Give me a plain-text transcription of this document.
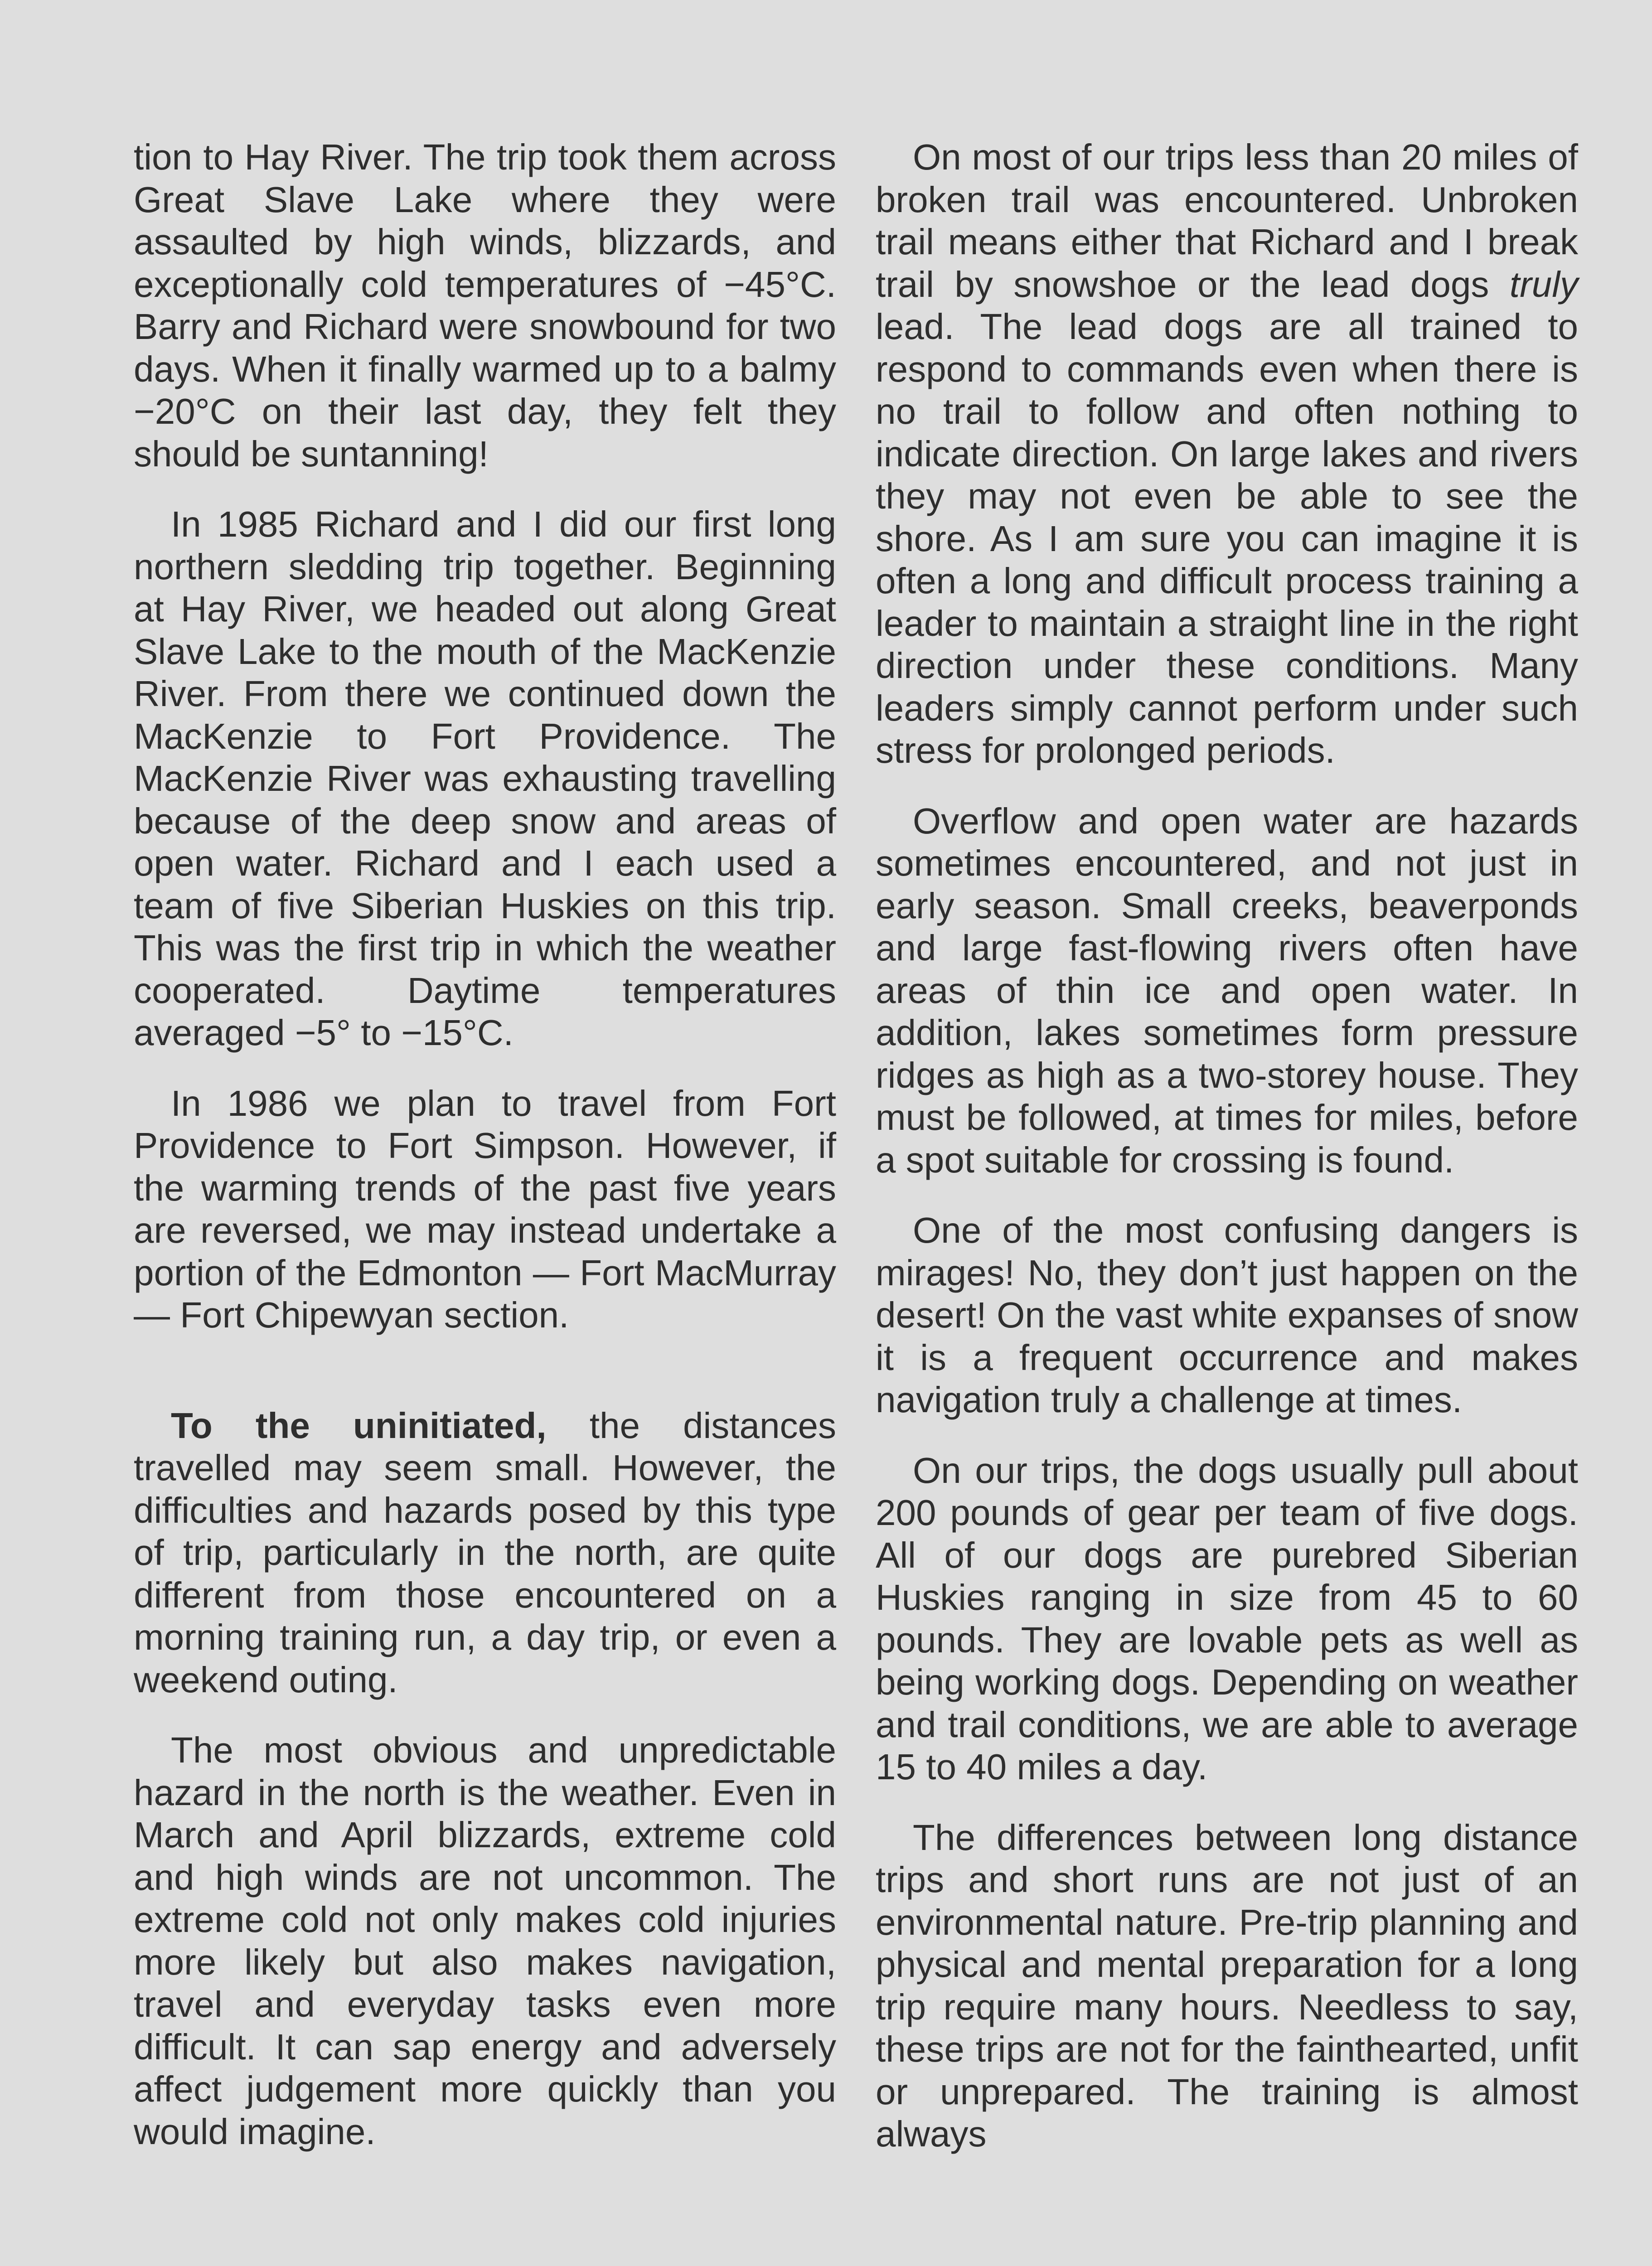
tion to Hay River. The trip took them across Great Slave Lake where they were assaulted by high winds, blizzards, and exceptionally cold temperatures of −45°C. Barry and Richard were snowbound for two days. When it finally warmed up to a balmy −20°C on their last day, they felt they should be suntanning!

In 1985 Richard and I did our first long northern sledding trip together. Beginning at Hay River, we headed out along Great Slave Lake to the mouth of the MacKenzie River. From there we continued down the MacKenzie to Fort Providence. The MacKenzie River was exhausting travelling because of the deep snow and areas of open water. Richard and I each used a team of five Siberian Huskies on this trip. This was the first trip in which the weather cooperated. Daytime temperatures averaged −5° to −15°C.

In 1986 we plan to travel from Fort Providence to Fort Simpson. However, if the warming trends of the past five years are reversed, we may instead undertake a portion of the Edmonton — Fort MacMurray — Fort Chipewyan section.

To the uninitiated, the distances travelled may seem small. However, the difficulties and hazards posed by this type of trip, particularly in the north, are quite different from those encountered on a morning training run, a day trip, or even a weekend outing.

The most obvious and unpredictable hazard in the north is the weather. Even in March and April blizzards, extreme cold and high winds are not uncommon. The extreme cold not only makes cold injuries more likely but also makes navigation, travel and everyday tasks even more difficult. It can sap energy and adversely affect judgement more quickly than you would imagine.

On most of our trips less than 20 miles of broken trail was encountered. Unbroken trail means either that Richard and I break trail by snowshoe or the lead dogs truly lead. The lead dogs are all trained to respond to commands even when there is no trail to follow and often nothing to indicate direction. On large lakes and rivers they may not even be able to see the shore. As I am sure you can imagine it is often a long and difficult process training a leader to maintain a straight line in the right direction under these conditions. Many leaders simply cannot perform under such stress for prolonged periods.

Overflow and open water are hazards sometimes encountered, and not just in early season. Small creeks, beaverponds and large fast-flowing rivers often have areas of thin ice and open water. In addition, lakes sometimes form pressure ridges as high as a two-storey house. They must be followed, at times for miles, before a spot suitable for crossing is found.

One of the most confusing dangers is mirages! No, they don’t just happen on the desert! On the vast white expanses of snow it is a frequent occurrence and makes navigation truly a challenge at times.

On our trips, the dogs usually pull about 200 pounds of gear per team of five dogs. All of our dogs are purebred Siberian Huskies ranging in size from 45 to 60 pounds. They are lovable pets as well as being working dogs. Depending on weather and trail conditions, we are able to average 15 to 40 miles a day.

The differences between long distance trips and short runs are not just of an environmental nature. Pre-trip planning and physical and mental preparation for a long trip require many hours. Needless to say, these trips are not for the fainthearted, unfit or unprepared. The training is almost always
